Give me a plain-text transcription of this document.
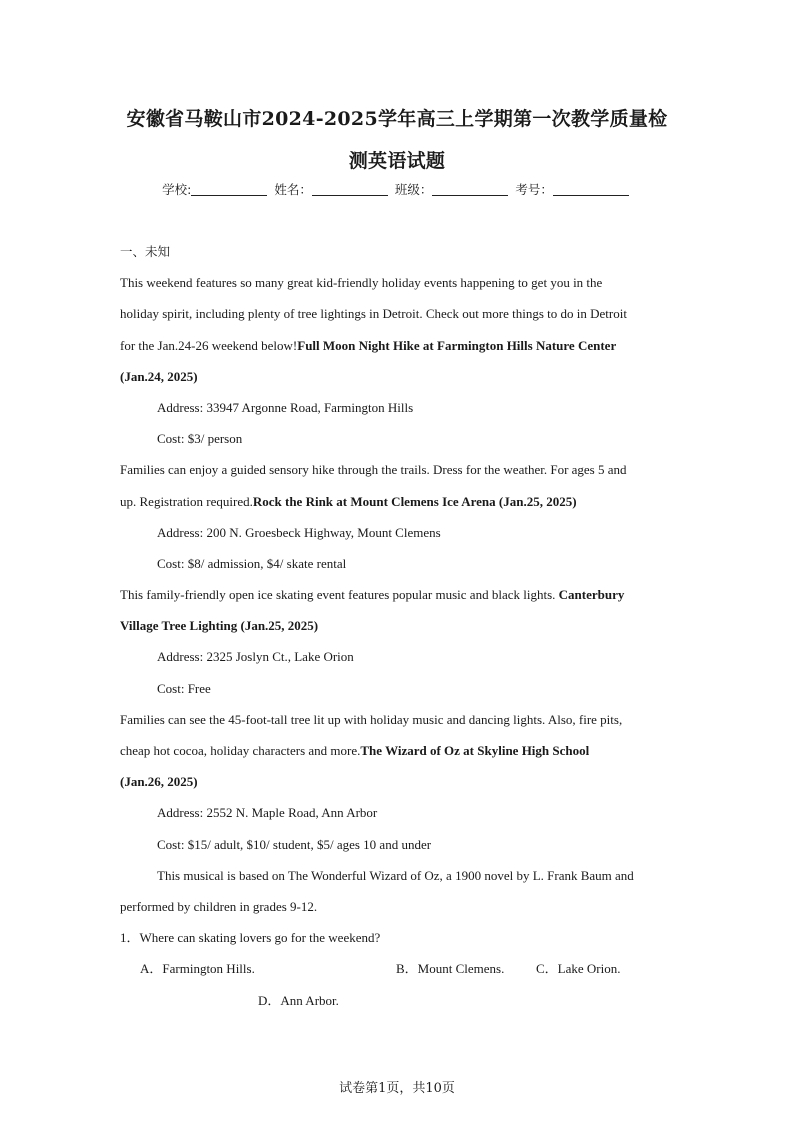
安徽省马鞍山市2024-2025学年高三上学期第一次教学质量检
测英语试题
学校:	姓名：	班级：	考号：
一、未知
This weekend features so many great kid-friendly holiday events happening to get you in the
holiday spirit, including plenty of tree lightings in Detroit. Check out more things to do in Detroit
for the Jan.24-26 weekend below!Full Moon Night Hike at Farmington Hills Nature Center
(Jan.24, 2025)
Address: 33947 Argonne Road, Farmington Hills
Cost: $3/ person
Families can enjoy a guided sensory hike through the trails. Dress for the weather. For ages 5 and
up. Registration required.Rock the Rink at Mount Clemens Ice Arena (Jan.25, 2025)
Address: 200 N. Groesbeck Highway, Mount Clemens
Cost: $8/ admission, $4/ skate rental
This family-friendly open ice skating event features popular music and black lights. Canterbury
Village Tree Lighting (Jan.25, 2025)
Address: 2325 Joslyn Ct., Lake Orion
Cost: Free
Families can see the 45-foot-tall tree lit up with holiday music and dancing lights. Also, fire pits,
cheap hot cocoa, holiday characters and more.The Wizard of Oz at Skyline High School
(Jan.26, 2025)
Address: 2552 N. Maple Road, Ann Arbor
Cost: $15/ adult, $10/ student, $5/ ages 10 and under
This musical is based on The Wonderful Wizard of Oz, a 1900 novel by L. Frank Baum and
performed by children in grades 9-12.
1．Where can skating lovers go for the weekend?
A．Farmington Hills.	B．Mount Clemens. C．Lake Orion.
D．Ann Arbor.
试卷第1页，共10页
